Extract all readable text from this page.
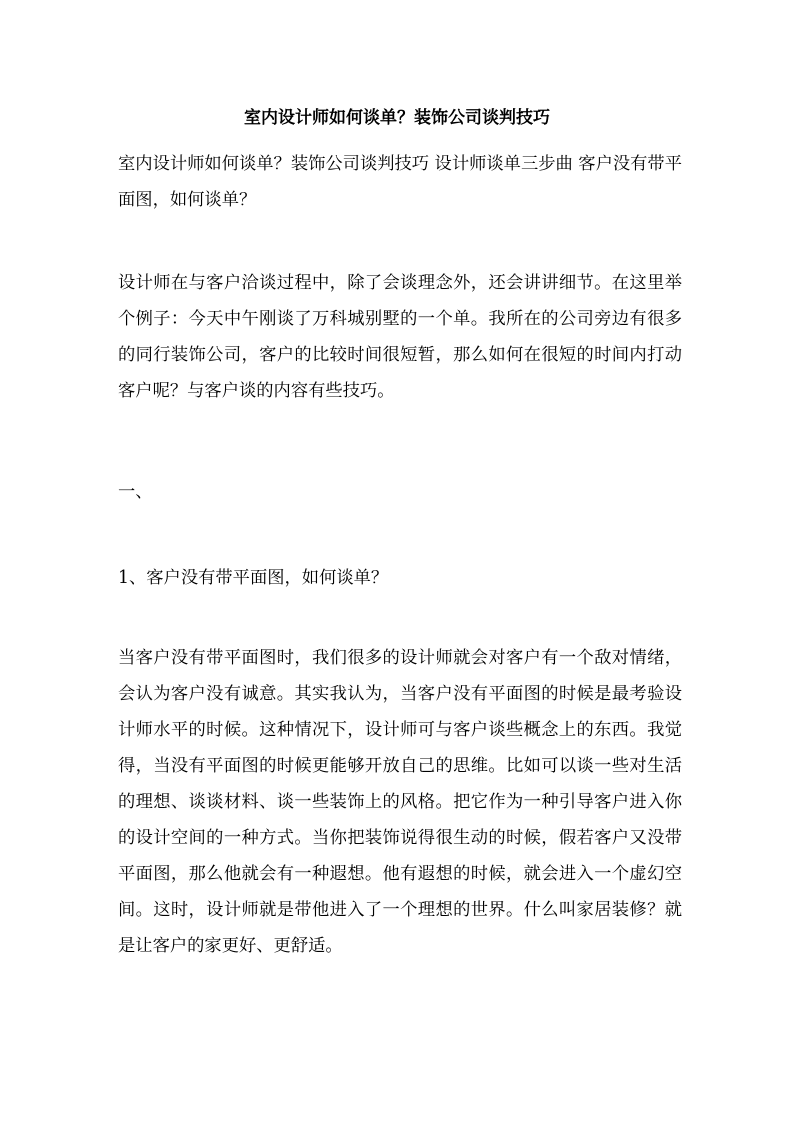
室内设计师如何谈单？装饰公司谈判技巧

室内设计师如何谈单？装饰公司谈判技巧 设计师谈单三步曲 客户没有带平面图，如何谈单？

设计师在与客户洽谈过程中，除了会谈理念外，还会讲讲细节。在这里举个例子：今天中午刚谈了万科城别墅的一个单。我所在的公司旁边有很多的同行装饰公司，客户的比较时间很短暂，那么如何在很短的时间内打动客户呢？与客户谈的内容有些技巧。

一、

1、客户没有带平面图，如何谈单？

当客户没有带平面图时，我们很多的设计师就会对客户有一个敌对情绪，会认为客户没有诚意。其实我认为，当客户没有平面图的时候是最考验设计师水平的时候。这种情况下，设计师可与客户谈些概念上的东西。我觉得，当没有平面图的时候更能够开放自己的思维。比如可以谈一些对生活的理想、谈谈材料、谈一些装饰上的风格。把它作为一种引导客户进入你的设计空间的一种方式。当你把装饰说得很生动的时候，假若客户又没带平面图，那么他就会有一种遐想。他有遐想的时候，就会进入一个虚幻空间。这时，设计师就是带他进入了一个理想的世界。什么叫家居装修？就是让客户的家更好、更舒适。
